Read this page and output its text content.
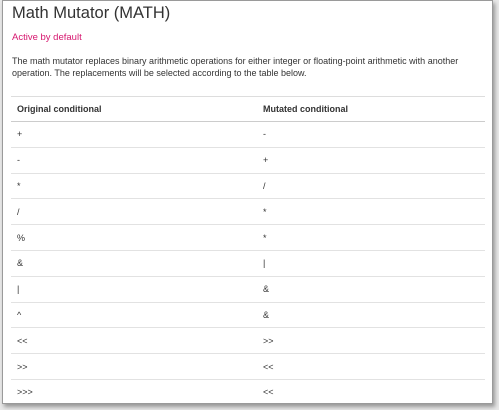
Math Mutator (MATH)
Active by default

The math mutator replaces binary arithmetic operations for either integer or floating-point arithmetic with another operation. The replacements will be selected according to the table below.

Original conditional	Mutated conditional
+	-
-	+
*	/
/	*
%	*
&	|
|	&
^	&
<<	>>
>>	<<
>>>	<<
